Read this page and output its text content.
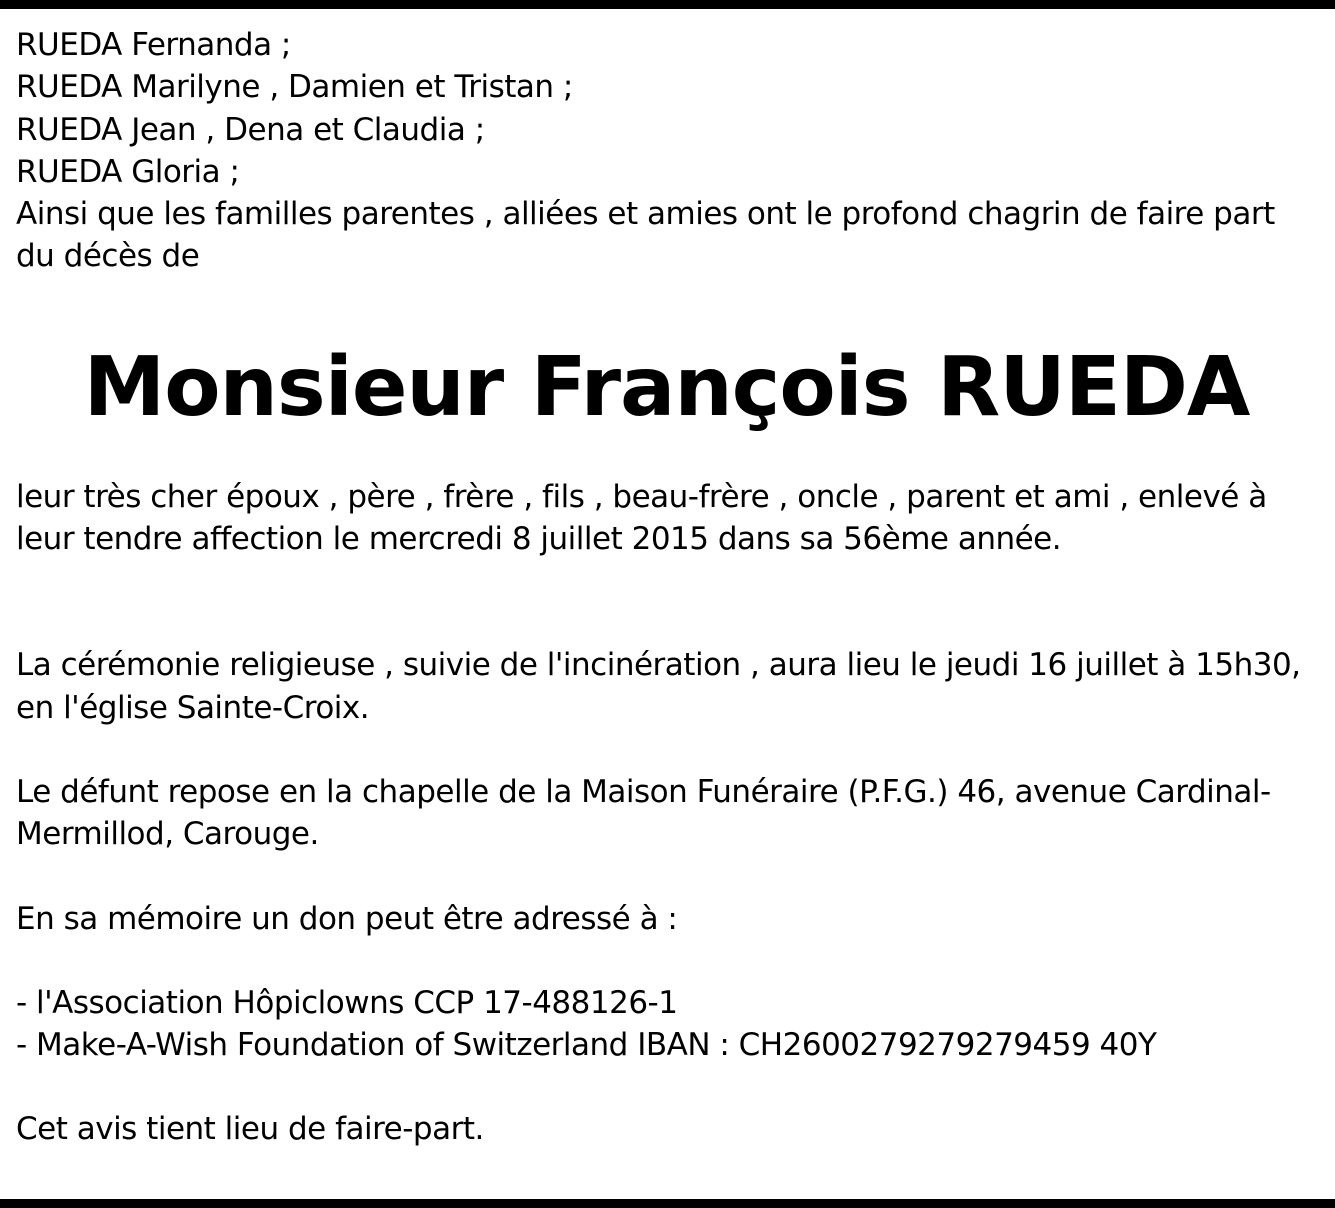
RUEDA Fernanda ;
RUEDA Marilyne , Damien et Tristan ;
RUEDA Jean , Dena et Claudia ;
RUEDA Gloria ;
Ainsi que les familles parentes , alliées et amies ont le profond chagrin de faire part du décès de

Monsieur François RUEDA

leur très cher époux , père , frère , fils , beau-frère , oncle , parent et ami , enlevé à leur tendre affection le mercredi 8 juillet 2015 dans sa 56ème année.

La cérémonie religieuse , suivie de l'incinération , aura lieu le jeudi 16 juillet à 15h30, en l'église Sainte-Croix.

Le défunt repose en la chapelle de la Maison Funéraire (P.F.G.) 46, avenue Cardinal-Mermillod, Carouge.

En sa mémoire un don peut être adressé à :

- l'Association Hôpiclowns CCP 17-488126-1
- Make-A-Wish Foundation of Switzerland IBAN : CH2600279279279459 40Y

Cet avis tient lieu de faire-part.
